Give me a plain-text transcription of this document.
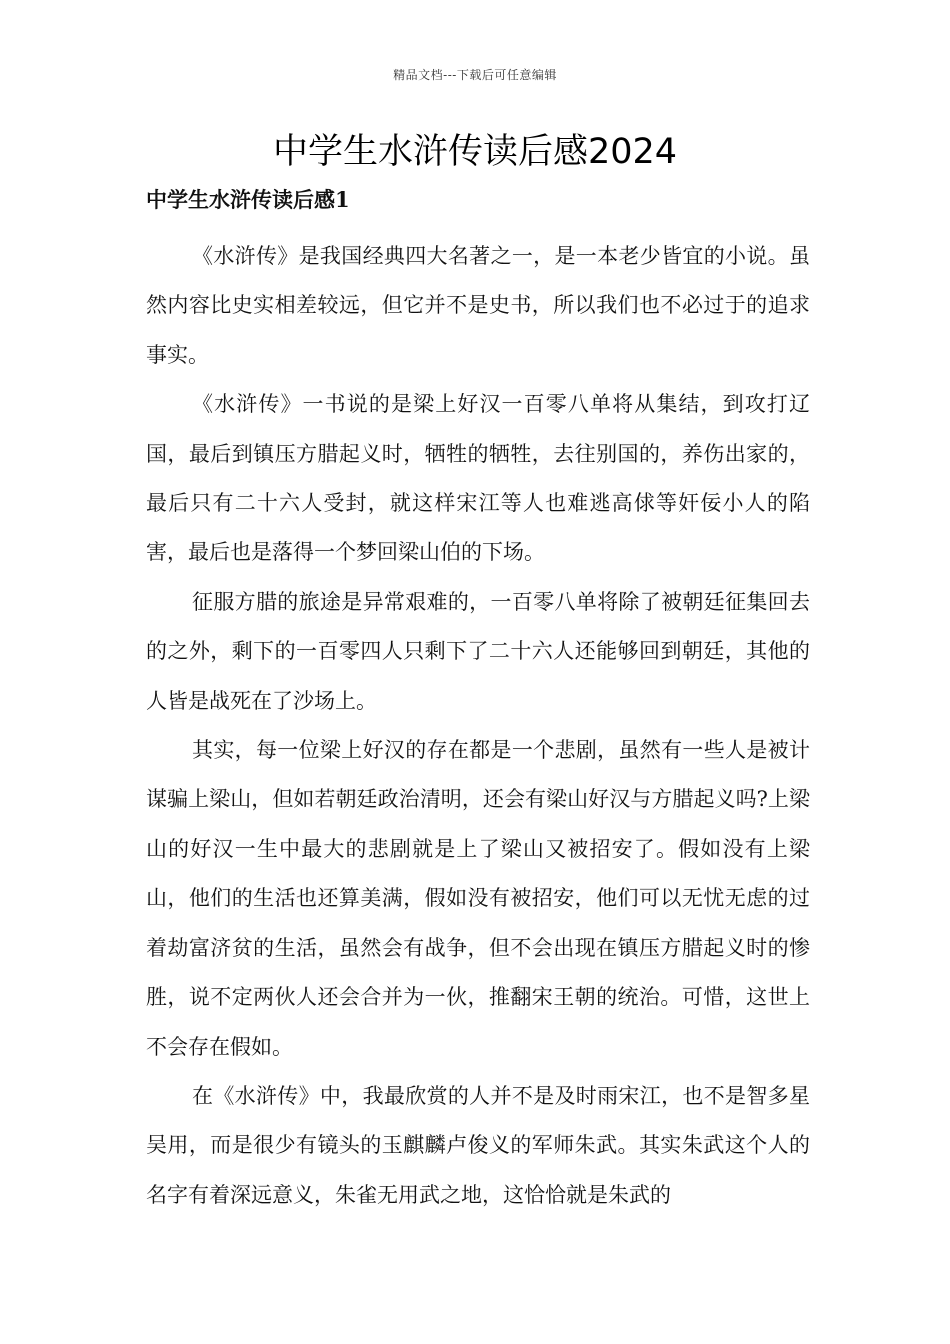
精品文档---下载后可任意编辑
中学生水浒传读后感2024
中学生水浒传读后感1

《水浒传》是我国经典四大名著之一，是一本老少皆宜的小说。虽然内容比史实相差较远，但它并不是史书，所以我们也不必过于的追求事实。

《水浒传》一书说的是梁上好汉一百零八单将从集结，到攻打辽国，最后到镇压方腊起义时，牺牲的牺牲，去往别国的，养伤出家的，最后只有二十六人受封，就这样宋江等人也难逃高俅等奸佞小人的陷害，最后也是落得一个梦回梁山伯的下场。

征服方腊的旅途是异常艰难的，一百零八单将除了被朝廷征集回去的之外，剩下的一百零四人只剩下了二十六人还能够回到朝廷，其他的人皆是战死在了沙场上。

其实，每一位梁上好汉的存在都是一个悲剧，虽然有一些人是被计谋骗上梁山，但如若朝廷政治清明，还会有梁山好汉与方腊起义吗?上梁山的好汉一生中最大的悲剧就是上了梁山又被招安了。假如没有上梁山，他们的生活也还算美满，假如没有被招安，他们可以无忧无虑的过着劫富济贫的生活，虽然会有战争，但不会出现在镇压方腊起义时的惨胜，说不定两伙人还会合并为一伙，推翻宋王朝的统治。可惜，这世上不会存在假如。

在《水浒传》中，我最欣赏的人并不是及时雨宋江，也不是智多星吴用，而是很少有镜头的玉麒麟卢俊义的军师朱武。其实朱武这个人的名字有着深远意义，朱雀无用武之地，这恰恰就是朱武的
